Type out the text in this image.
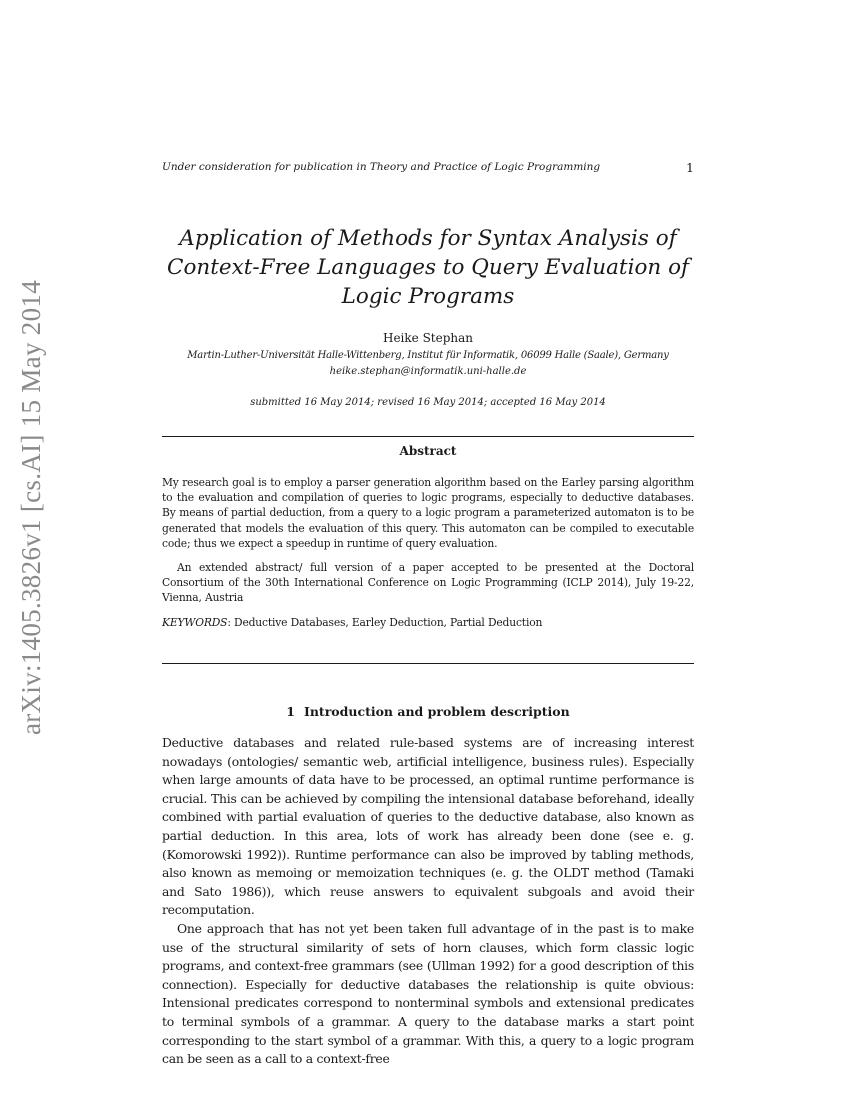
arXiv:1405.3826v1 [cs.AI] 15 May 2014
Under consideration for publication in Theory and Practice of Logic Programming	1
Application of Methods for Syntax Analysis of
Context-Free Languages to Query Evaluation of
Logic Programs
Heike Stephan
Martin-Luther-Universität Halle-Wittenberg, Institut für Informatik, 06099 Halle (Saale), Germany
heike.stephan@informatik.uni-halle.de
submitted 16 May 2014; revised 16 May 2014; accepted 16 May 2014
Abstract

My research goal is to employ a parser generation algorithm based on the Earley parsing algorithm to the evaluation and compilation of queries to logic programs, especially to deductive databases. By means of partial deduction, from a query to a logic program a parameterized automaton is to be generated that models the evaluation of this query. This automaton can be compiled to executable code; thus we expect a speedup in runtime of query evaluation.

An extended abstract/ full version of a paper accepted to be presented at the Doctoral Consortium of the 30th International Conference on Logic Programming (ICLP 2014), July 19-22, Vienna, Austria

KEYWORDS: Deductive Databases, Earley Deduction, Partial Deduction

1 Introduction and problem description

Deductive databases and related rule-based systems are of increasing interest nowadays (ontologies/ semantic web, artificial intelligence, business rules). Especially when large amounts of data have to be processed, an optimal runtime performance is crucial. This can be achieved by compiling the intensional database beforehand, ideally combined with partial evaluation of queries to the deductive database, also known as partial deduction. In this area, lots of work has already been done (see e. g. (Komorowski 1992)). Runtime performance can also be improved by tabling methods, also known as memoing or memoization techniques (e. g. the OLDT method (Tamaki and Sato 1986)), which reuse answers to equivalent subgoals and avoid their recomputation.

One approach that has not yet been taken full advantage of in the past is to make use of the structural similarity of sets of horn clauses, which form classic logic programs, and context-free grammars (see (Ullman 1992) for a good description of this connection). Especially for deductive databases the relationship is quite obvious: Intensional predicates correspond to nonterminal symbols and extensional predicates to terminal symbols of a grammar. A query to the database marks a start point corresponding to the start symbol of a grammar. With this, a query to a logic program can be seen as a call to a context-free
